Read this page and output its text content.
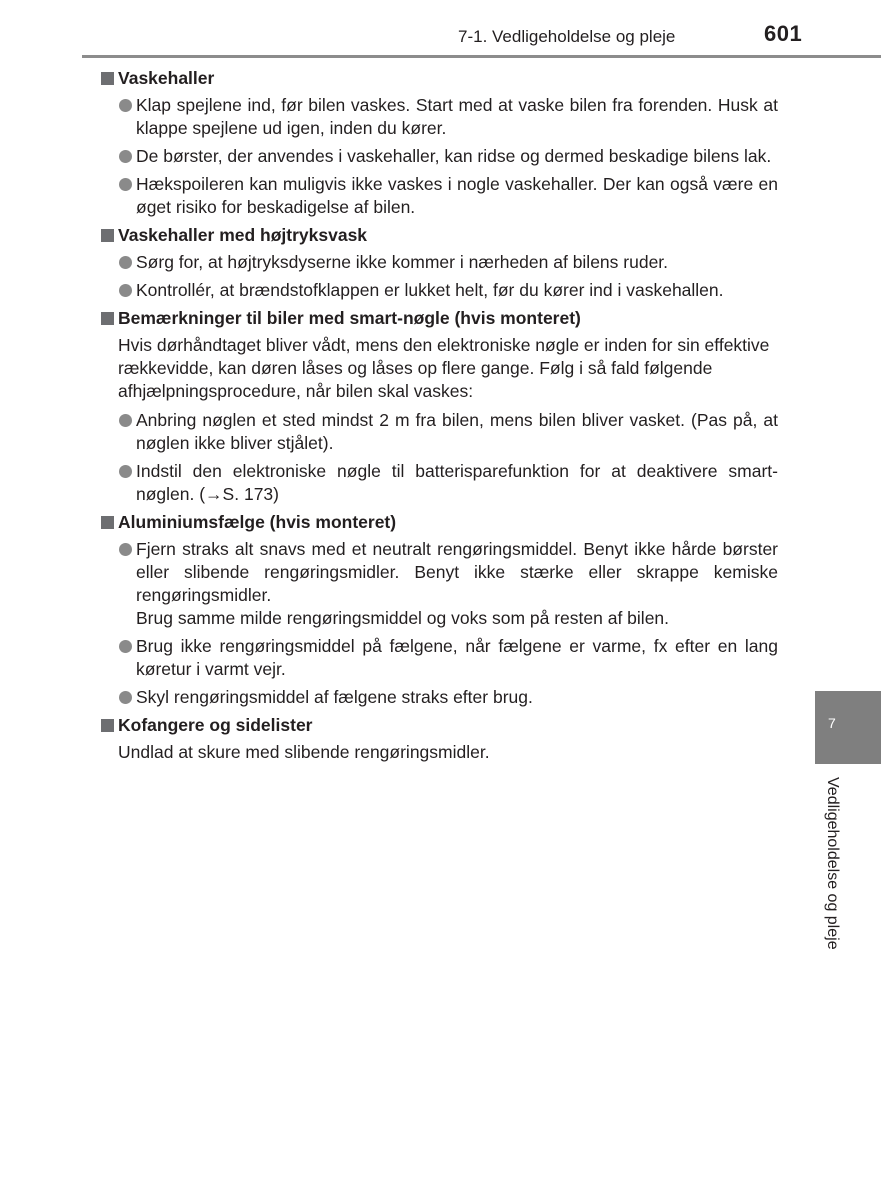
7-1. Vedligeholdelse og pleje	601
Vaskehaller

Klap spejlene ind, før bilen vaskes. Start med at vaske bilen fra forenden. Husk at klappe spejlene ud igen, inden du kører.

De børster, der anvendes i vaskehaller, kan ridse og dermed beskadige bilens lak.

Hækspoileren kan muligvis ikke vaskes i nogle vaskehaller. Der kan også være en øget risiko for beskadigelse af bilen.

Vaskehaller med højtryksvask

Sørg for, at højtryksdyserne ikke kommer i nærheden af bilens ruder.

Kontrollér, at brændstofklappen er lukket helt, før du kører ind i vaskehallen.

Bemærkninger til biler med smart-nøgle (hvis monteret)

Hvis dørhåndtaget bliver vådt, mens den elektroniske nøgle er inden for sin effektive rækkevidde, kan døren låses og låses op flere gange. Følg i så fald følgende afhjælpningsprocedure, når bilen skal vaskes:

Anbring nøglen et sted mindst 2 m fra bilen, mens bilen bliver vasket. (Pas på, at nøglen ikke bliver stjålet).

Indstil den elektroniske nøgle til batterisparefunktion for at deaktivere smart-nøglen. (→S. 173)

Aluminiumsfælge (hvis monteret)

Fjern straks alt snavs med et neutralt rengøringsmiddel. Benyt ikke hårde børster eller slibende rengøringsmidler. Benyt ikke stærke eller skrappe kemiske rengøringsmidler.

Brug samme milde rengøringsmiddel og voks som på resten af bilen.

Brug ikke rengøringsmiddel på fælgene, når fælgene er varme, fx efter en lang køretur i varmt vejr.

Skyl rengøringsmiddel af fælgene straks efter brug.

Kofangere og sidelister

Undlad at skure med slibende rengøringsmidler.

7
Vedligeholdelse og pleje
